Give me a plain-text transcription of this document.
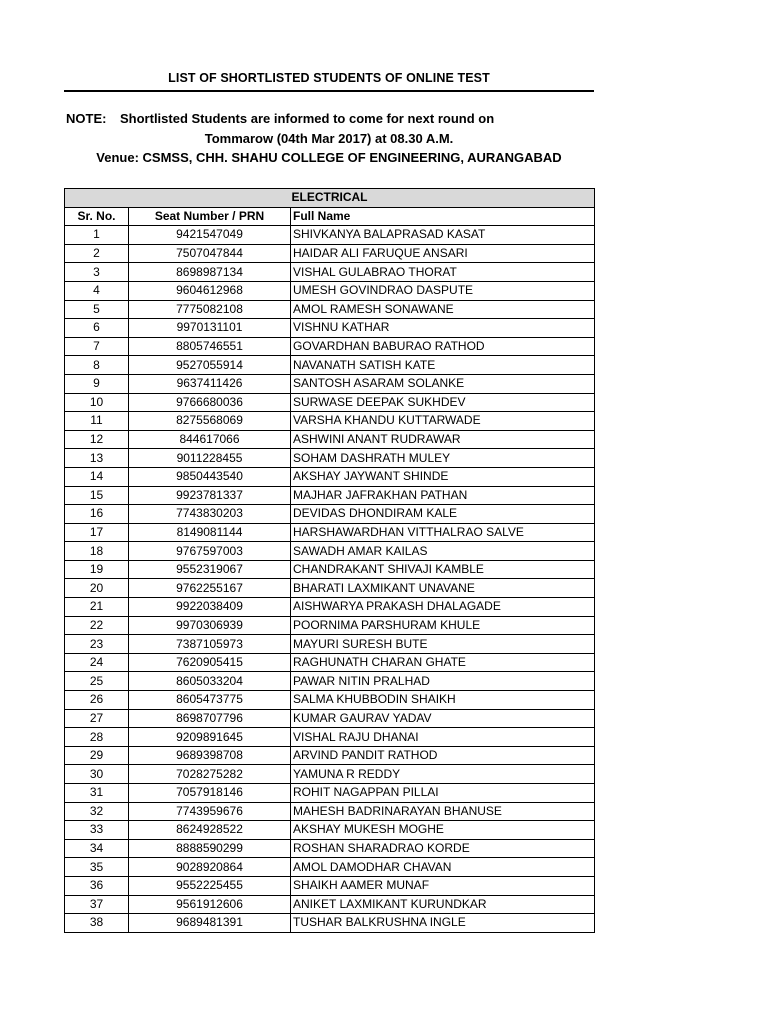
LIST OF SHORTLISTED STUDENTS OF ONLINE TEST
NOTE: Shortlisted Students are informed to come for next round on
Tommarow (04th Mar 2017) at 08.30 A.M.
Venue: CSMSS, CHH. SHAHU COLLEGE OF ENGINEERING, AURANGABAD
ELECTRICAL		
Sr. No.	Seat Number / PRN	Full Name
1	9421547049	SHIVKANYA BALAPRASAD KASAT
2	7507047844	HAIDAR ALI FARUQUE ANSARI
3	8698987134	VISHAL GULABRAO THORAT
4	9604612968	UMESH GOVINDRAO DASPUTE
5	7775082108	AMOL RAMESH SONAWANE
6	9970131101	VISHNU KATHAR
7	8805746551	GOVARDHAN BABURAO RATHOD
8	9527055914	NAVANATH SATISH KATE
9	9637411426	SANTOSH ASARAM SOLANKE
10	9766680036	SURWASE DEEPAK SUKHDEV
11	8275568069	VARSHA KHANDU KUTTARWADE
12	844617066	ASHWINI ANANT RUDRAWAR
13	9011228455	SOHAM DASHRATH MULEY
14	9850443540	AKSHAY JAYWANT SHINDE
15	9923781337	MAJHAR JAFRAKHAN PATHAN
16	7743830203	DEVIDAS DHONDIRAM KALE
17	8149081144	HARSHAWARDHAN VITTHALRAO SALVE
18	9767597003	SAWADH AMAR KAILAS
19	9552319067	CHANDRAKANT SHIVAJI KAMBLE
20	9762255167	BHARATI LAXMIKANT UNAVANE
21	9922038409	AISHWARYA PRAKASH DHALAGADE
22	9970306939	POORNIMA PARSHURAM KHULE
23	7387105973	MAYURI SURESH BUTE
24	7620905415	RAGHUNATH CHARAN GHATE
25	8605033204	PAWAR NITIN PRALHAD
26	8605473775	SALMA KHUBBODIN SHAIKH
27	8698707796	KUMAR GAURAV YADAV
28	9209891645	VISHAL RAJU DHANAI
29	9689398708	ARVIND PANDIT RATHOD
30	7028275282	YAMUNA R REDDY
31	7057918146	ROHIT NAGAPPAN PILLAI
32	7743959676	MAHESH BADRINARAYAN BHANUSE
33	8624928522	AKSHAY MUKESH MOGHE
34	8888590299	ROSHAN SHARADRAO KORDE
35	9028920864	AMOL DAMODHAR CHAVAN
36	9552225455	SHAIKH AAMER MUNAF
37	9561912606	ANIKET LAXMIKANT KURUNDKAR
38	9689481391	TUSHAR BALKRUSHNA INGLE
